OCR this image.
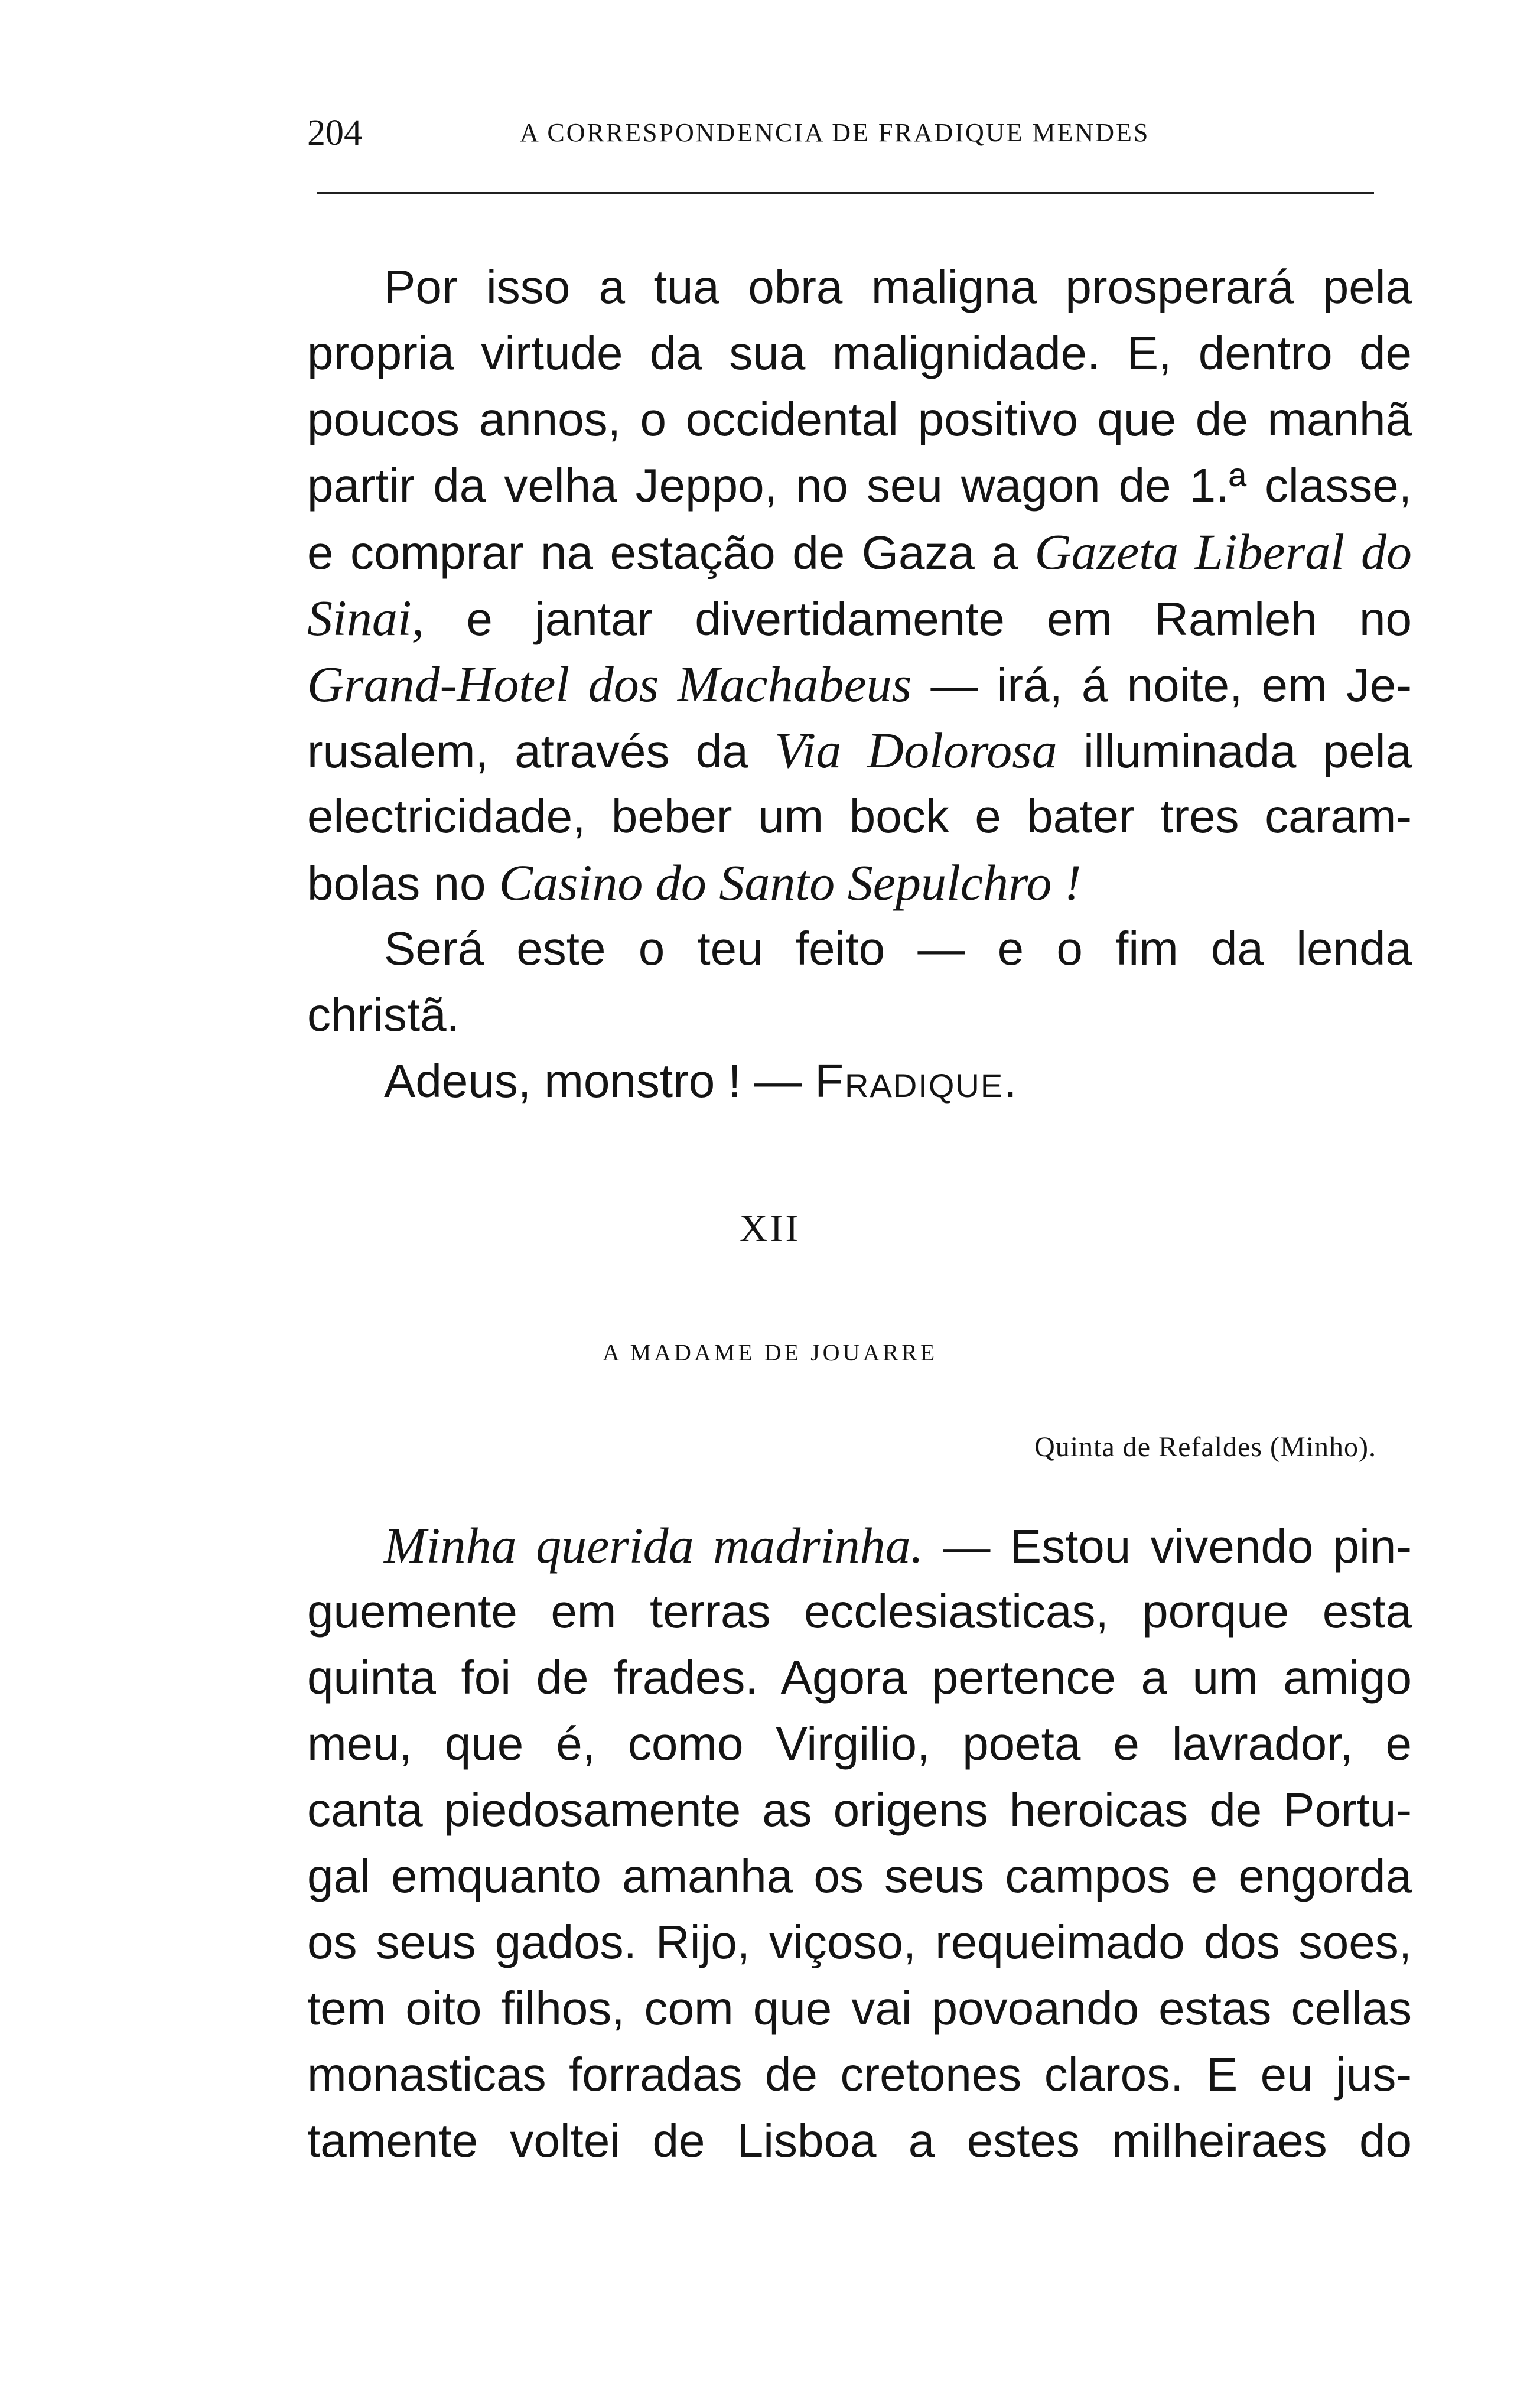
204	A CORRESPONDENCIA DE FRADIQUE MENDES
Por isso a tua obra maligna prosperará pela
propria virtude da sua malignidade. E, dentro de
poucos annos, o occidental positivo que de manhã
partir da velha Jeppo, no seu wagon de 1.ª classe,
e comprar na estação de Gaza a Gazeta Liberal do
Sinai, e jantar divertidamente em Ramleh no
Grand-Hotel dos Machabeus — irá, á noite, em Je-
rusalem, através da Via Dolorosa illuminada pela
electricidade, beber um bock e bater tres caram-
bolas no Casino do Santo Sepulchro !
Será este o teu feito — e o fim da lenda
christã.
Adeus, monstro ! — Fradique.
XII
A MADAME DE JOUARRE
Quinta de Refaldes (Minho).
Minha querida madrinha. — Estou vivendo pin-
guemente em terras ecclesiasticas, porque esta
quinta foi de frades. Agora pertence a um amigo
meu, que é, como Virgilio, poeta e lavrador, e
canta piedosamente as origens heroicas de Portu-
gal emquanto amanha os seus campos e engorda
os seus gados. Rijo, viçoso, requeimado dos soes,
tem oito filhos, com que vai povoando estas cellas
monasticas forradas de cretones claros. E eu jus-
tamente voltei de Lisboa a estes milheiraes do
